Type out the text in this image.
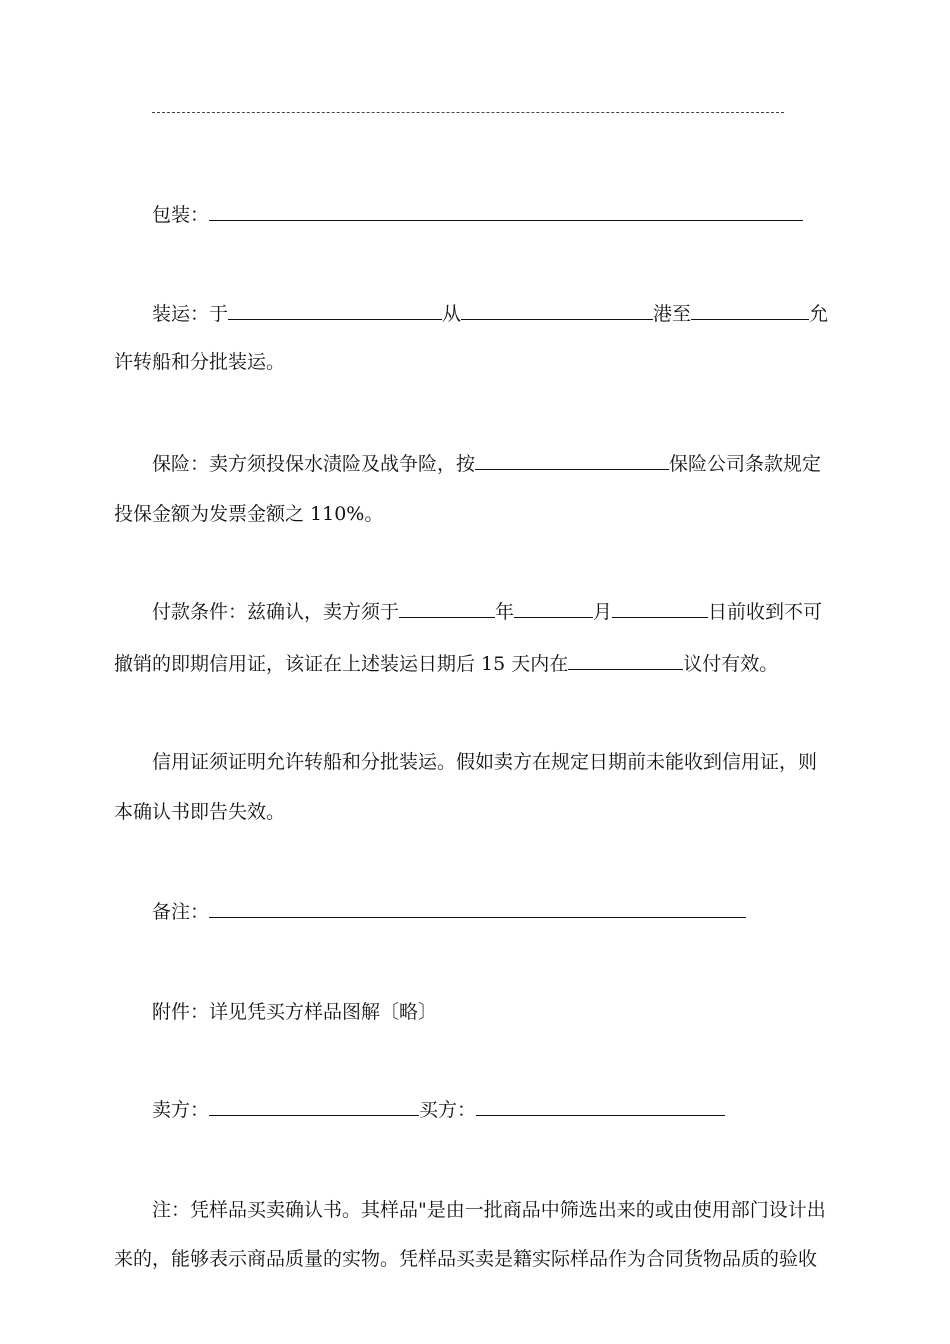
包装：
装运：于	从	港至	允
许转船和分批装运。
保险：卖方须投保水渍险及战争险，按	保险公司条款规定
投保金额为发票金额之 110%。
付款条件：兹确认，卖方须于	年	月	日前收到不可
撤销的即期信用证，该证在上述装运日期后 15 天内在	议付有效。
信用证须证明允许转船和分批装运。假如卖方在规定日期前未能收到信用证，则
本确认书即告失效。
备注：
附件：详见凭买方样品图解〔略〕
卖方：	买方：
注：凭样品买卖确认书。其样品"是由一批商品中筛选出来的或由使用部门设计出
来的，能够表示商品质量的实物。凭样品买卖是籍实际样品作为合同货物品质的验收
